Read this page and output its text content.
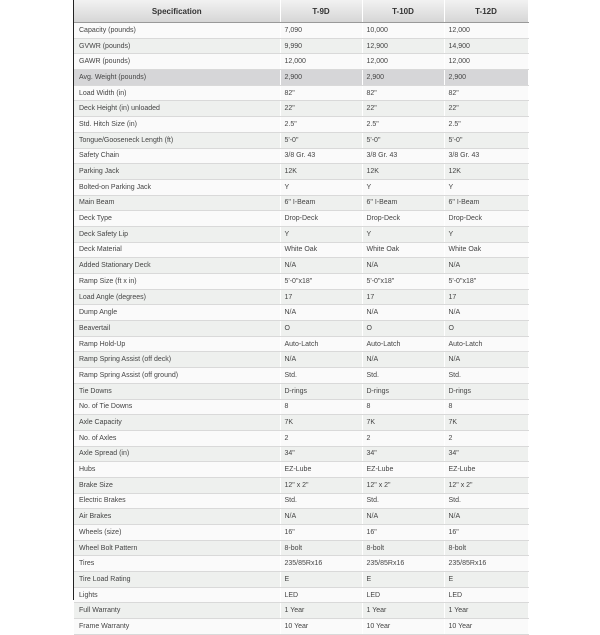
Specification	T-9D	T-10D	T-12D
Capacity (pounds)	7,090	10,000	12,000
GVWR (pounds)	9,990	12,900	14,900
GAWR (pounds)	12,000	12,000	12,000
Avg. Weight (pounds)	2,900	2,900	2,900
Load Width (in)	82"	82"	82"
Deck Height (in) unloaded	22"	22"	22"
Std. Hitch Size (in)	2.5"	2.5"	2.5"
Tongue/Gooseneck Length (ft)	5'-0"	5'-0"	5'-0"
Safety Chain	3/8 Gr. 43	3/8 Gr. 43	3/8 Gr. 43
Parking Jack	12K	12K	12K
Bolted-on Parking Jack	Y	Y	Y
Main Beam	6" I-Beam	6" I-Beam	6" I-Beam
Deck Type	Drop-Deck	Drop-Deck	Drop-Deck
Deck Safety Lip	Y	Y	Y
Deck Material	White Oak	White Oak	White Oak
Added Stationary Deck	N/A	N/A	N/A
Ramp Size (ft x in)	5'-0"x18"	5'-0"x18"	5'-0"x18"
Load Angle (degrees)	17	17	17
Dump Angle	N/A	N/A	N/A
Beavertail	O	O	O
Ramp Hold-Up	Auto-Latch	Auto-Latch	Auto-Latch
Ramp Spring Assist (off deck)	N/A	N/A	N/A
Ramp Spring Assist (off ground)	Std.	Std.	Std.
Tie Downs	D-rings	D-rings	D-rings
No. of Tie Downs	8	8	8
Axle Capacity	7K	7K	7K
No. of Axles	2	2	2
Axle Spread (in)	34"	34"	34"
Hubs	EZ-Lube	EZ-Lube	EZ-Lube
Brake Size	12" x 2"	12" x 2"	12" x 2"
Electric Brakes	Std.	Std.	Std.
Air Brakes	N/A	N/A	N/A
Wheels (size)	16"	16"	16"
Wheel Bolt Pattern	8-bolt	8-bolt	8-bolt
Tires	235/85Rx16	235/85Rx16	235/85Rx16
Tire Load Rating	E	E	E
Lights	LED	LED	LED
Full Warranty	1 Year	1 Year	1 Year
Frame Warranty	10 Year	10 Year	10 Year
